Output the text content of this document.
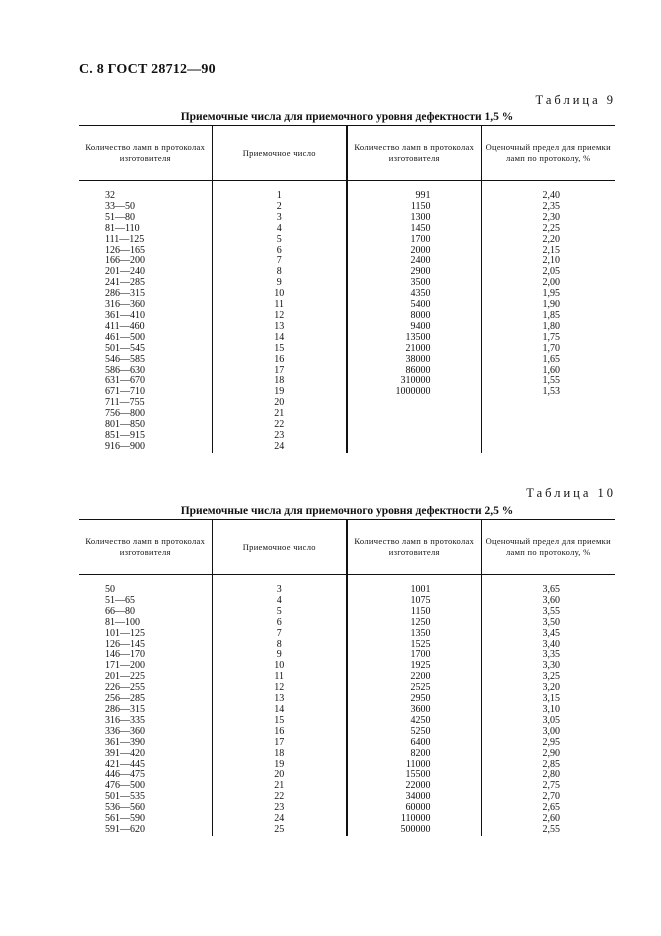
С. 8 ГОСТ 28712—90
Таблица 9
Приемочные числа для приемочного уровня дефектности 1,5 %
Количество ламп в протоколах изготовителя	Приемочное число	Количество ламп в протоколах изготовителя	Оценочный предел для приемки ламп по протоколу, %
32	1	991	2,40
33—50	2	1150	2,35
51—80	3	1300	2,30
81—110	4	1450	2,25
111—125	5	1700	2,20
126—165	6	2000	2,15
166—200	7	2400	2,10
201—240	8	2900	2,05
241—285	9	3500	2,00
286—315	10	4350	1,95
316—360	11	5400	1,90
361—410	12	8000	1,85
411—460	13	9400	1,80
461—500	14	13500	1,75
501—545	15	21000	1,70
546—585	16	38000	1,65
586—630	17	86000	1,60
631—670	18	310000	1,55
671—710	19	1000000	1,53
711—755	20		
756—800	21		
801—850	22		
851—915	23		
916—900	24		
Таблица 10
Приемочные числа для приемочного уровня дефектности 2,5 %
Количество ламп в протоколах изготовителя	Приемочное число	Количество ламп в протоколах изготовителя	Оценочный предел для приемки ламп по протоколу, %
50	3	1001	3,65
51—65	4	1075	3,60
66—80	5	1150	3,55
81—100	6	1250	3,50
101—125	7	1350	3,45
126—145	8	1525	3,40
146—170	9	1700	3,35
171—200	10	1925	3,30
201—225	11	2200	3,25
226—255	12	2525	3,20
256—285	13	2950	3,15
286—315	14	3600	3,10
316—335	15	4250	3,05
336—360	16	5250	3,00
361—390	17	6400	2,95
391—420	18	8200	2,90
421—445	19	11000	2,85
446—475	20	15500	2,80
476—500	21	22000	2,75
501—535	22	34000	2,70
536—560	23	60000	2,65
561—590	24	110000	2,60
591—620	25	500000	2,55
